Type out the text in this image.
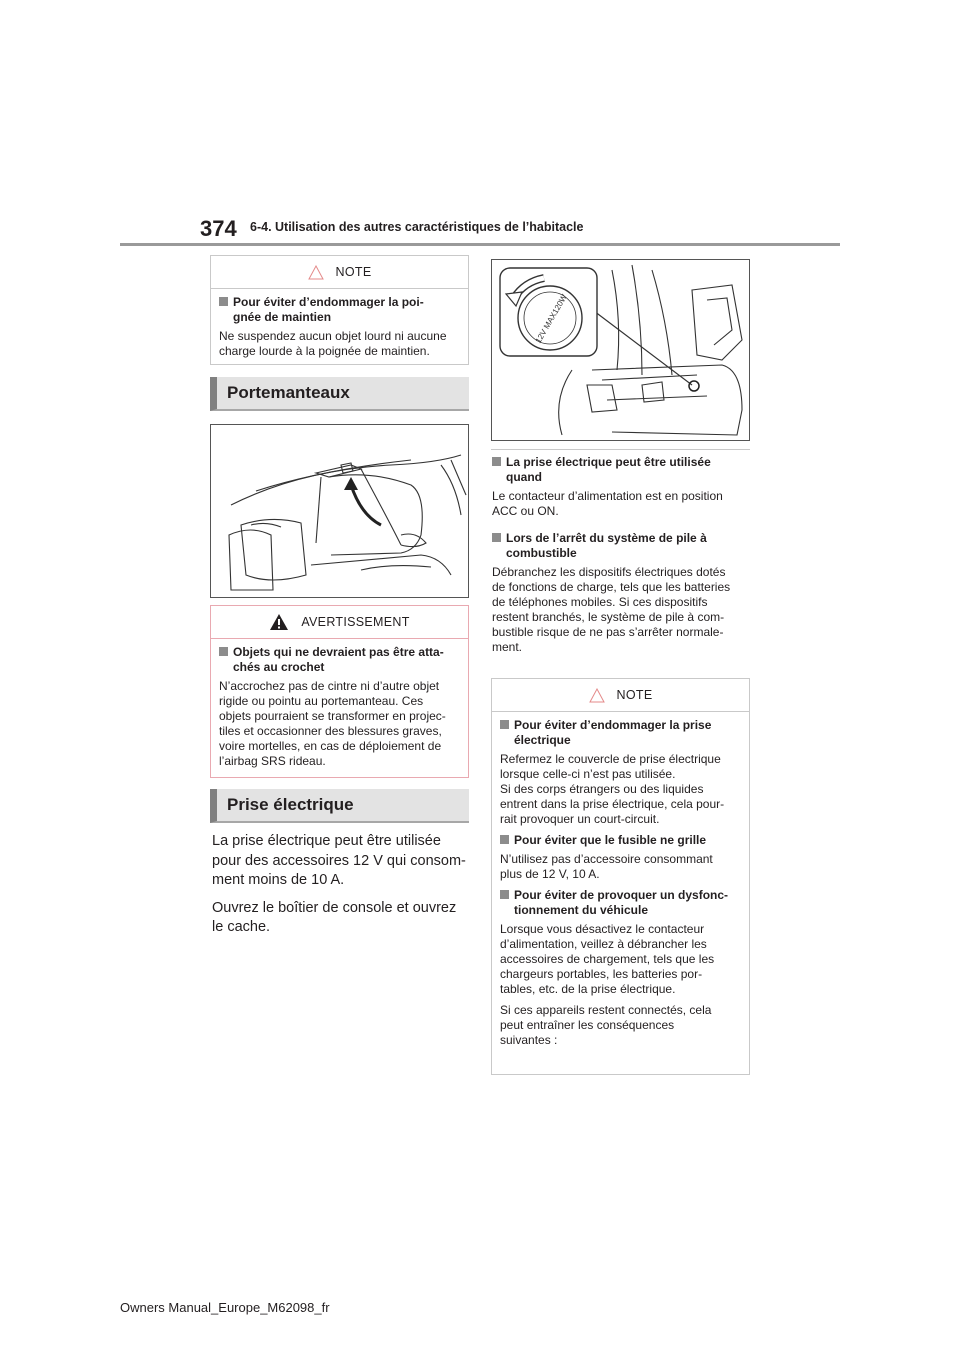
374 6-4. Utilisation des autres caractéristiques de l’habitacle
NOTE
Pour éviter d’endommager la poi-
gnée de maintien
Ne suspendez aucun objet lourd ni aucune
charge lourde à la poignée de maintien.
Portemanteaux
AVERTISSEMENT
Objets qui ne devraient pas être atta-
chés au crochet
N’accrochez pas de cintre ni d’autre objet
rigide ou pointu au portemanteau. Ces
objets pourraient se transformer en projec-
tiles et occasionner des blessures graves,
voire mortelles, en cas de déploiement de
l’airbag SRS rideau.
Prise électrique

La prise électrique peut être utilisée
pour des accessoires 12 V qui consom-
ment moins de 10 A.

Ouvrez le boîtier de console et ouvrez
le cache.

12V MAX120W
La prise électrique peut être utilisée
quand
Le contacteur d’alimentation est en position
ACC ou ON.
Lors de l’arrêt du système de pile à
combustible
Débranchez les dispositifs électriques dotés
de fonctions de charge, tels que les batteries
de téléphones mobiles. Si ces dispositifs
restent branchés, le système de pile à com-
bustible risque de ne pas s’arrêter normale-
ment.
NOTE
Pour éviter d’endommager la prise
électrique
Refermez le couvercle de prise électrique
lorsque celle-ci n’est pas utilisée.
Si des corps étrangers ou des liquides
entrent dans la prise électrique, cela pour-
rait provoquer un court-circuit.
Pour éviter que le fusible ne grille
N’utilisez pas d’accessoire consommant
plus de 12 V, 10 A.
Pour éviter de provoquer un dysfonc-
tionnement du véhicule
Lorsque vous désactivez le contacteur
d’alimentation, veillez à débrancher les
accessoires de chargement, tels que les
chargeurs portables, les batteries por-
tables, etc. de la prise électrique.
Si ces appareils restent connectés, cela
peut entraîner les conséquences
suivantes :
Owners Manual_Europe_M62098_fr
